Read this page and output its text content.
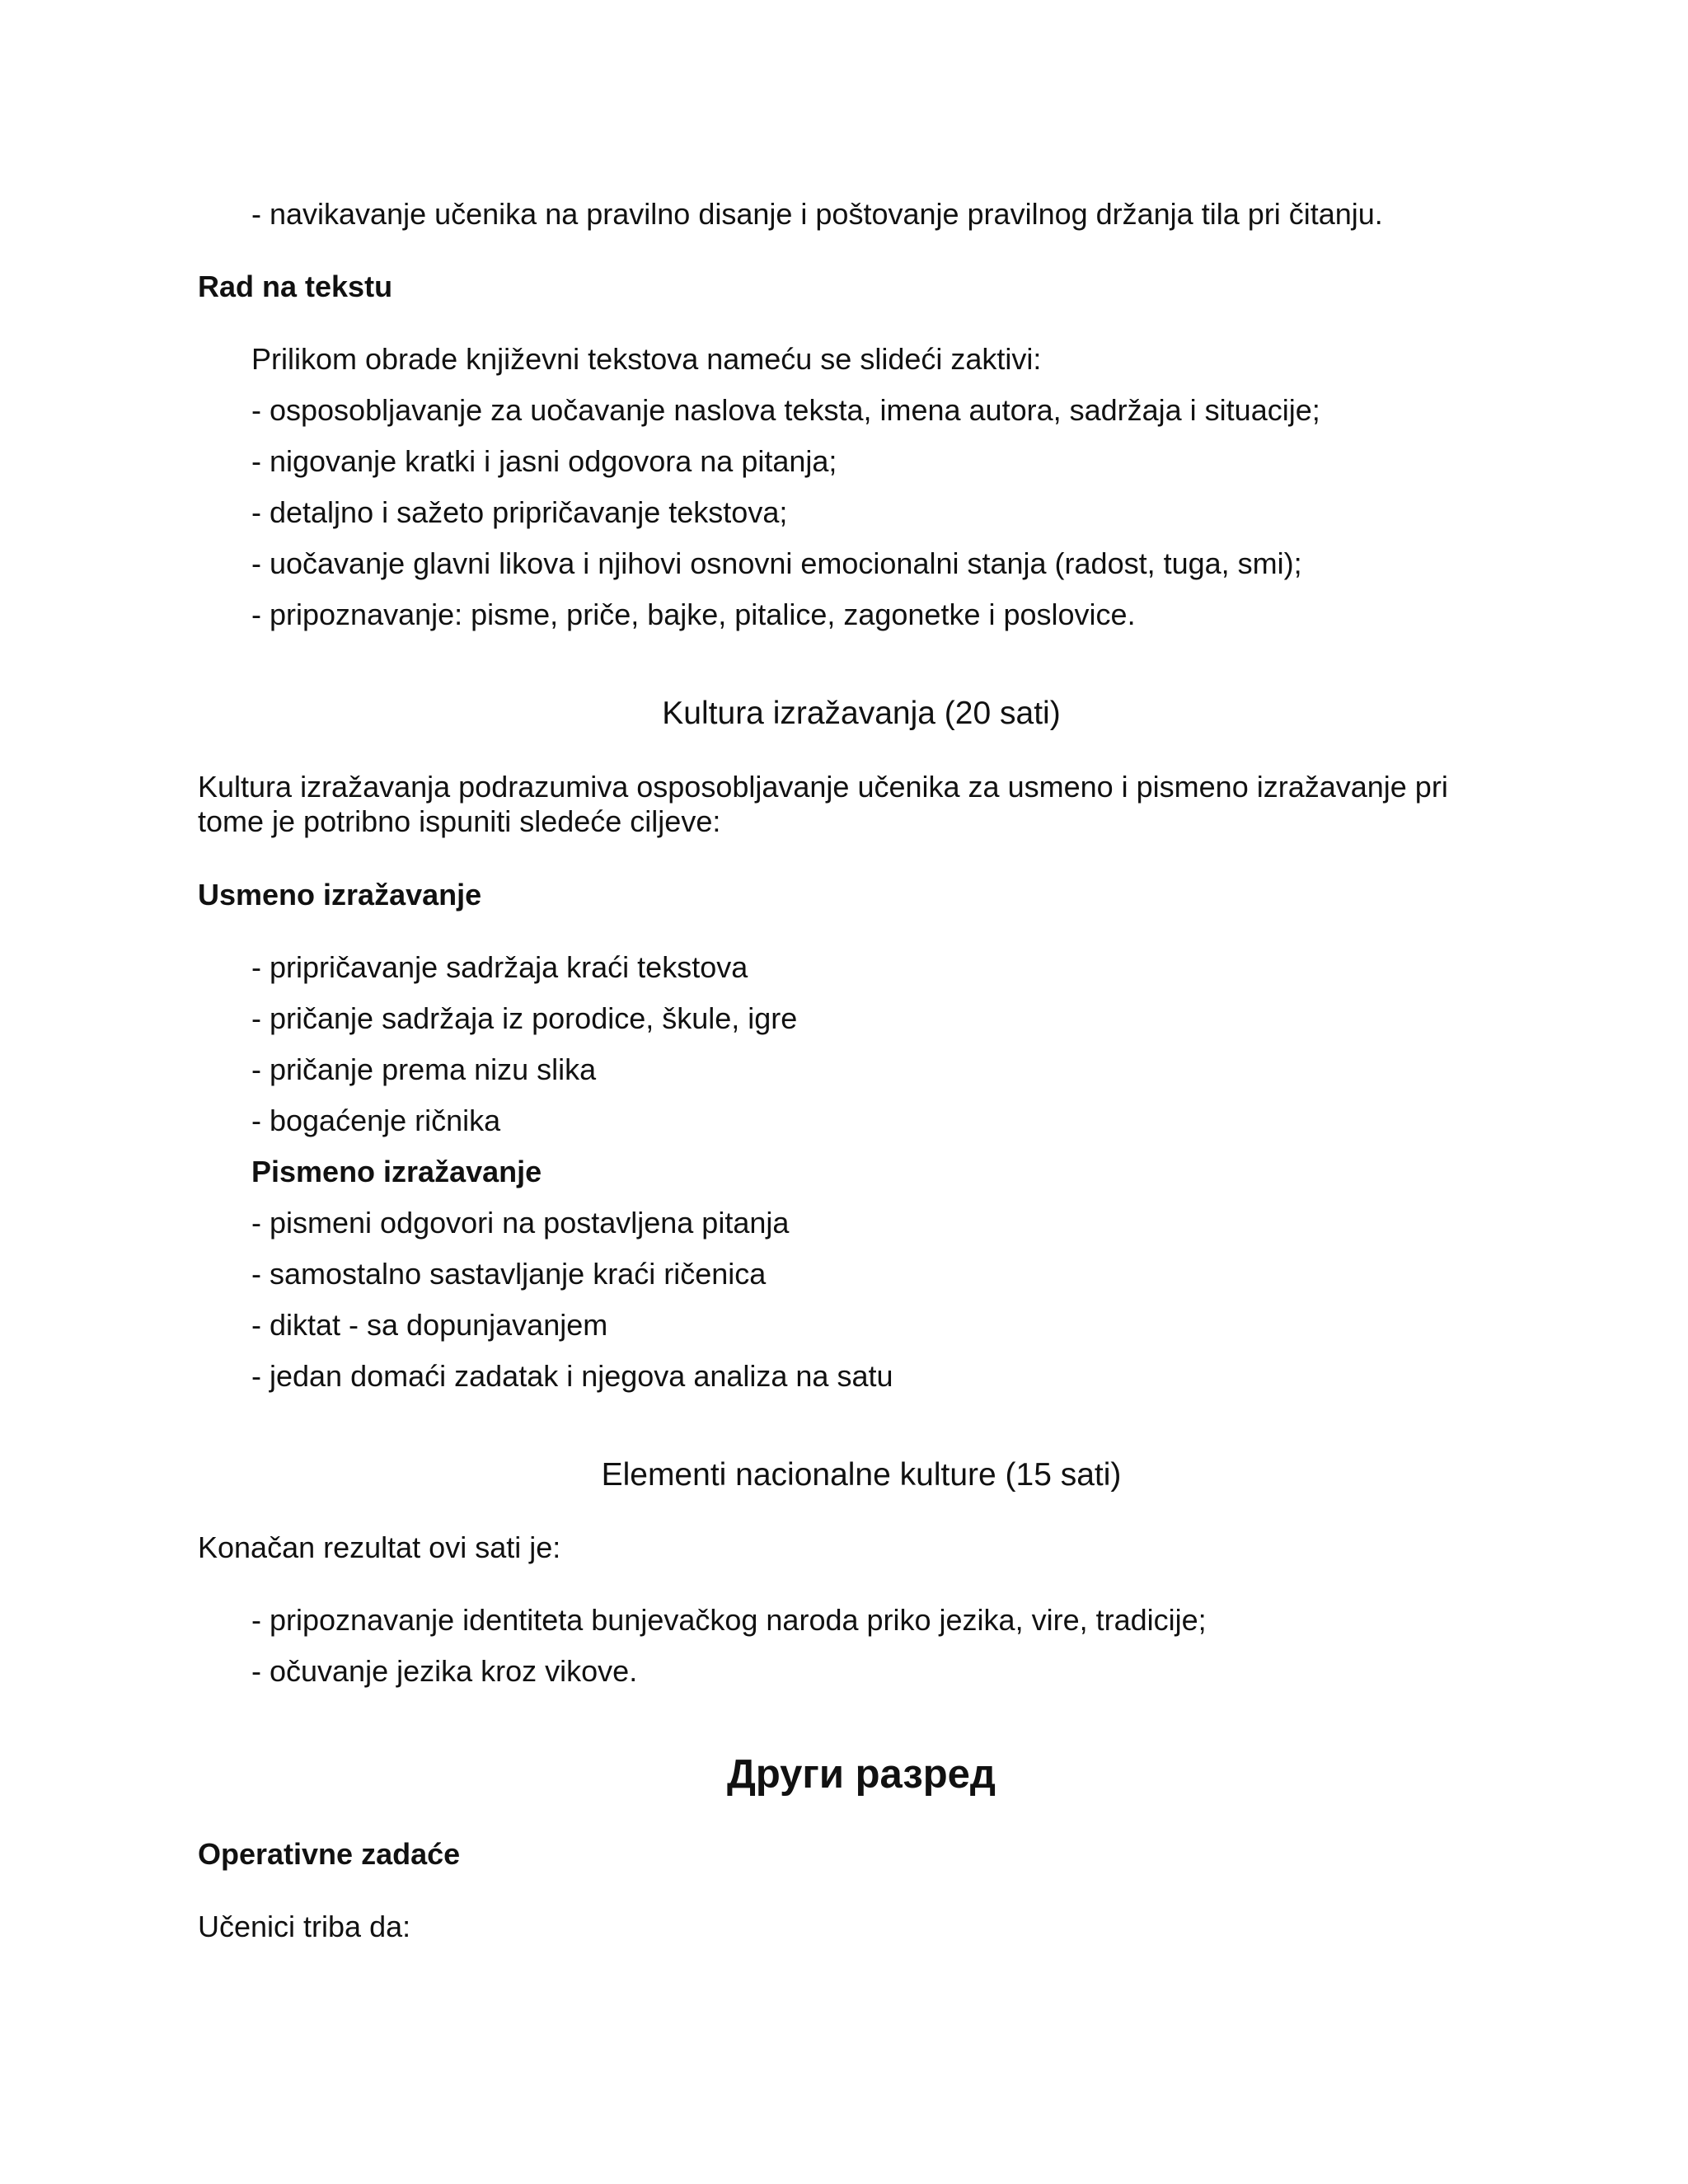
- navikavanje učenika na pravilno disanje i poštovanje pravilnog držanja tila pri čitanju.
Rad na tekstu
Prilikom obrade književni tekstova nameću se slideći zaktivi:
- osposobljavanje za uočavanje naslova teksta, imena autora, sadržaja i situacije;
- nigovanje kratki i jasni odgovora na pitanja;
- detaljno i sažeto pripričavanje tekstova;
- uočavanje glavni likova i njihovi osnovni emocionalni stanja (radost, tuga, smi);
- pripoznavanje: pisme, priče, bajke, pitalice, zagonetke i poslovice.
Kultura izražavanja (20 sati)
Kultura izražavanja podrazumiva osposobljavanje učenika za usmeno i pismeno izražavanje pri tome je potribno ispuniti sledeće ciljeve:
Usmeno izražavanje
- pripričavanje sadržaja kraći tekstova
- pričanje sadržaja iz porodice, škule, igre
- pričanje prema nizu slika
- bogaćenje ričnika
Pismeno izražavanje
- pismeni odgovori na postavljena pitanja
- samostalno sastavljanje kraći ričenica
- diktat - sa dopunjavanjem
- jedan domaći zadatak i njegova analiza na satu
Elementi nacionalne kulture (15 sati)
Konačan rezultat ovi sati je:
- pripoznavanje identiteta bunjevačkog naroda priko jezika, vire, tradicije;
- očuvanje jezika kroz vikove.
Други разред
Operativne zadaće
Učenici triba da:
